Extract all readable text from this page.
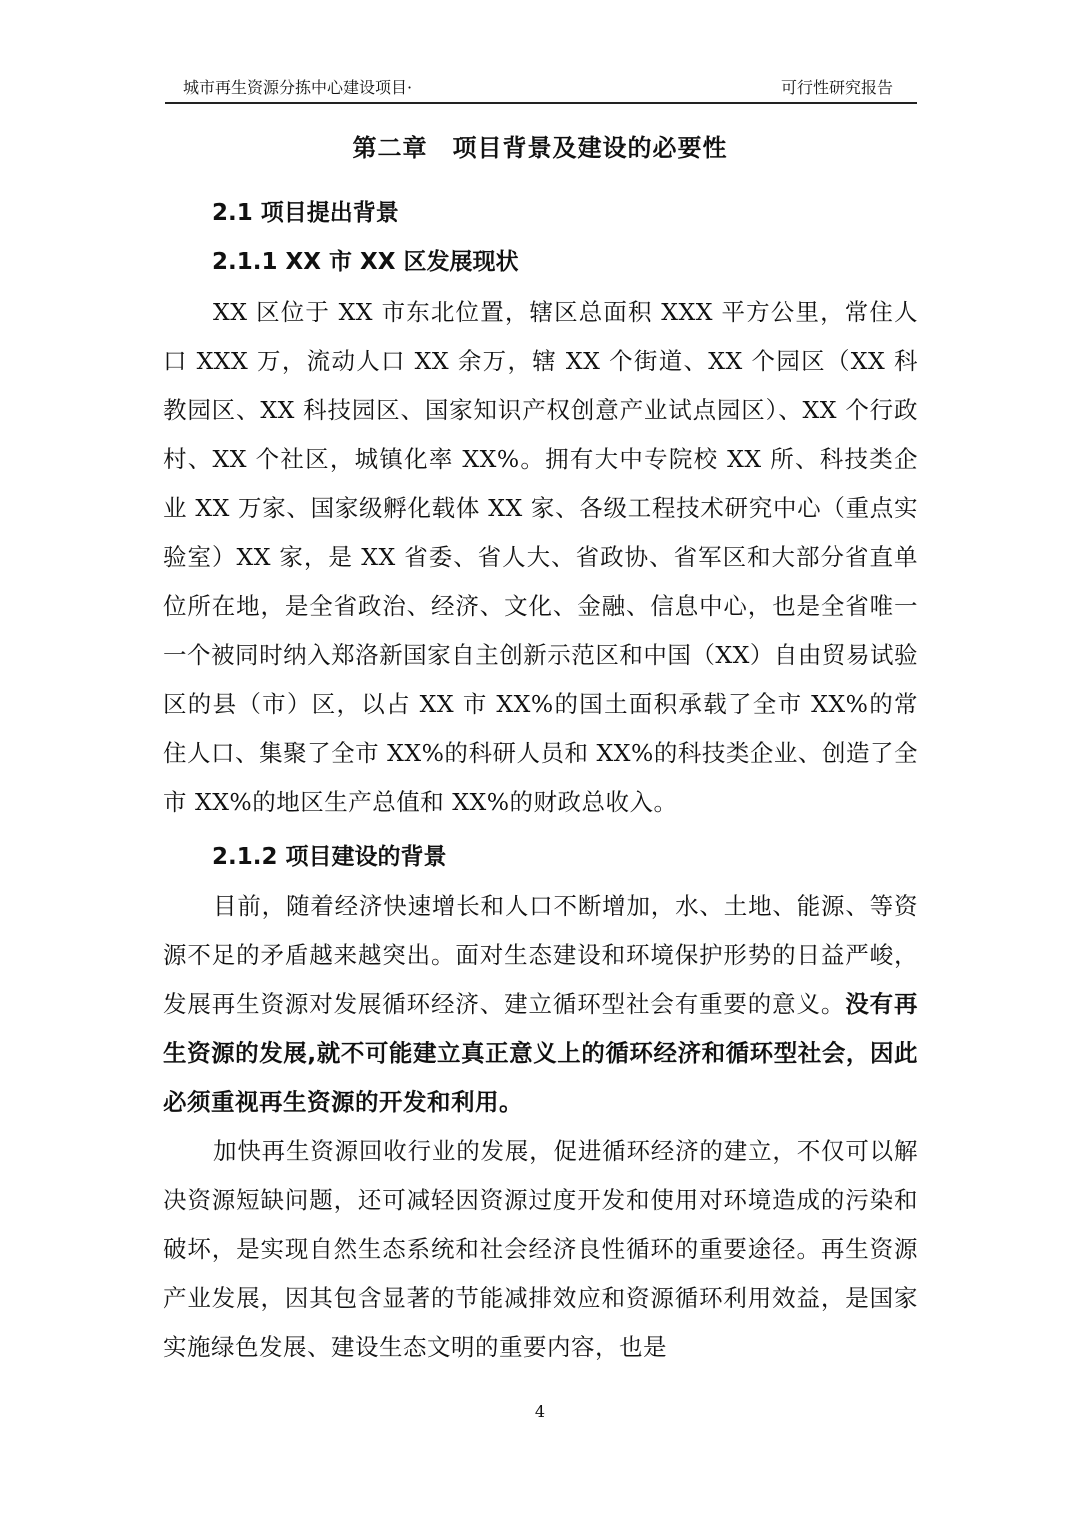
城市再生资源分拣中心建设项目·	可行性研究报告
第二章　项目背景及建设的必要性
2.1 项目提出背景
2.1.1 XX 市 XX 区发展现状

XX 区位于 XX 市东北位置，辖区总面积 XXX 平方公里，常住人口 XXX 万，流动人口 XX 余万，辖 XX 个街道、XX 个园区（XX 科教园区、XX 科技园区、国家知识产权创意产业试点园区）、XX 个行政村、XX 个社区，城镇化率 XX%。拥有大中专院校 XX 所、科技类企业 XX 万家、国家级孵化载体 XX 家、各级工程技术研究中心（重点实验室）XX 家，是 XX 省委、省人大、省政协、省军区和大部分省直单位所在地，是全省政治、经济、文化、金融、信息中心，也是全省唯一一个被同时纳入郑洛新国家自主创新示范区和中国（XX）自由贸易试验区的县（市）区，以占 XX 市 XX%的国土面积承载了全市 XX%的常住人口、集聚了全市 XX%的科研人员和 XX%的科技类企业、创造了全市 XX%的地区生产总值和 XX%的财政总收入。

2.1.2 项目建设的背景

目前，随着经济快速增长和人口不断增加，水、土地、能源、等资源不足的矛盾越来越突出。面对生态建设和环境保护形势的日益严峻，发展再生资源对发展循环经济、建立循环型社会有重要的意义。没有再生资源的发展,就不可能建立真正意义上的循环经济和循环型社会，因此必须重视再生资源的开发和利用。

加快再生资源回收行业的发展，促进循环经济的建立，不仅可以解决资源短缺问题，还可减轻因资源过度开发和使用对环境造成的污染和破坏，是实现自然生态系统和社会经济良性循环的重要途径。再生资源产业发展，因其包含显著的节能减排效应和资源循环利用效益，是国家实施绿色发展、建设生态文明的重要内容，也是

4
